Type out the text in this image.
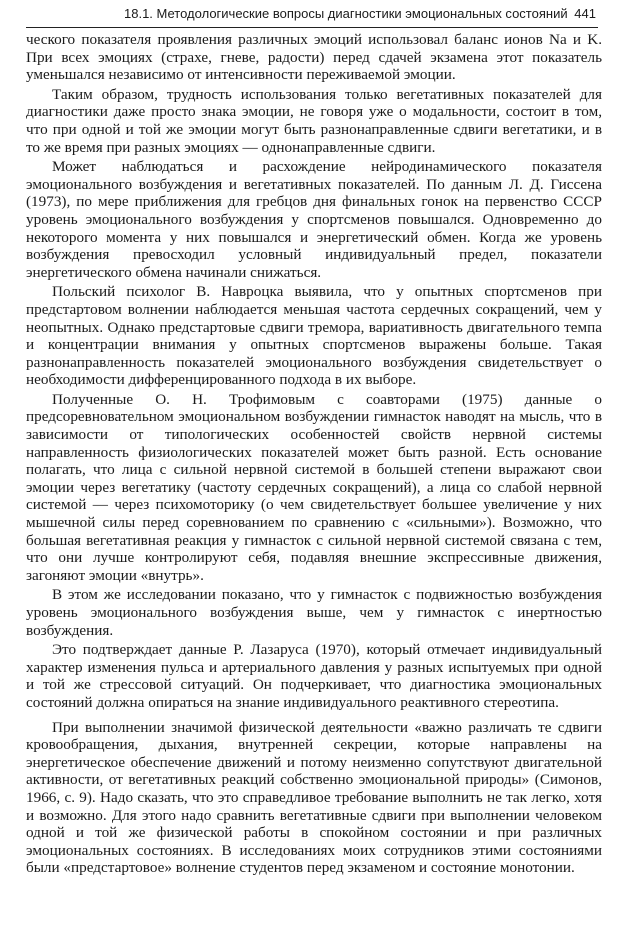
18.1. Методологические вопросы диагностики эмоциональных состояний 441

ческого показателя проявления различных эмоций использовал баланс ионов Na и K. При всех эмоциях (страхе, гневе, радости) перед сдачей экзамена этот показатель уменьшался независимо от интенсивности переживаемой эмоции.

Таким образом, трудность использования только вегетативных показателей для диагностики даже просто знака эмоции, не говоря уже о модальности, состоит в том, что при одной и той же эмоции могут быть разнонаправленные сдвиги вегетатики, и в то же время при разных эмоциях — однонаправленные сдвиги.

Может наблюдаться и расхождение нейродинамического показателя эмоционального возбуждения и вегетативных показателей. По данным Л. Д. Гиссена (1973), по мере приближения для гребцов дня финальных гонок на первенство СССР уровень эмоционального возбуждения у спортсменов повышался. Одновременно до некоторого момента у них повышался и энергетический обмен. Когда же уровень возбуждения превосходил условный индивидуальный предел, показатели энергетического обмена начинали снижаться.

Польский психолог В. Навроцка выявила, что у опытных спортсменов при предстартовом волнении наблюдается меньшая частота сердечных сокращений, чем у неопытных. Однако предстартовые сдвиги тремора, вариативность двигательного темпа и концентрации внимания у опытных спортсменов выражены больше. Такая разнонаправленность показателей эмоционального возбуждения свидетельствует о необходимости дифференцированного подхода в их выборе.

Полученные О. Н. Трофимовым с соавторами (1975) данные о предсоревновательном эмоциональном возбуждении гимнасток наводят на мысль, что в зависимости от типологических особенностей свойств нервной системы направленность физиологических показателей может быть разной. Есть основание полагать, что лица с сильной нервной системой в большей степени выражают свои эмоции через вегетатику (частоту сердечных сокращений), а лица со слабой нервной системой — через психомоторику (о чем свидетельствует большее увеличение у них мышечной силы перед соревнованием по сравнению с «сильными»). Возможно, что большая вегетативная реакция у гимнасток с сильной нервной системой связана с тем, что они лучше контролируют себя, подавляя внешние экспрессивные движения, загоняют эмоции «внутрь».

В этом же исследовании показано, что у гимнасток с подвижностью возбуждения уровень эмоционального возбуждения выше, чем у гимнасток с инертностью возбуждения.

Это подтверждает данные Р. Лазаруса (1970), который отмечает индивидуальный характер изменения пульса и артериального давления у разных испытуемых при одной и той же стрессовой ситуаций. Он подчеркивает, что диагностика эмоциональных состояний должна опираться на знание индивидуального реактивного стереотипа.

При выполнении значимой физической деятельности «важно различать те сдвиги кровообращения, дыхания, внутренней секреции, которые направлены на энергетическое обеспечение движений и потому неизменно сопутствуют двигательной активности, от вегетативных реакций собственно эмоциональной природы» (Симонов, 1966, с. 9). Надо сказать, что это справедливое требование выполнить не так легко, хотя и возможно. Для этого надо сравнить вегетативные сдвиги при выполнении человеком одной и той же физической работы в спокойном состоянии и при различных эмоциональных состояниях. В исследованиях моих сотрудников этими состояниями были «предстартовое» волнение студентов перед экзаменом и состояние монотонии.
